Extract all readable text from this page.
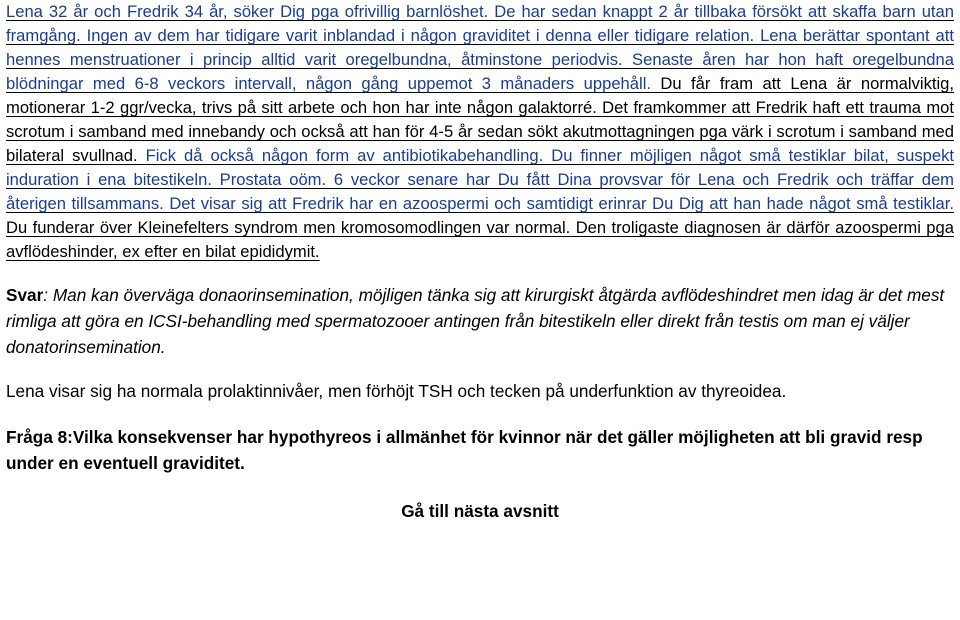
Lena 32 år och Fredrik 34 år, söker Dig pga ofrivillig barnlöshet. De har sedan knappt 2 år tillbaka försökt att skaffa barn utan framgång. Ingen av dem har tidigare varit inblandad i någon graviditet i denna eller tidigare relation. Lena berättar spontant att hennes menstruationer i princip alltid varit oregelbundna, åtminstone periodvis. Senaste åren har hon haft oregelbundna blödningar med 6-8 veckors intervall, någon gång uppemot 3 månaders uppehåll. Du får fram att Lena är normalviktig, motionerar 1-2 ggr/vecka, trivs på sitt arbete och hon har inte någon galaktorré. Det framkommer att Fredrik haft ett trauma mot scrotum i samband med innebandy och också att han för 4-5 år sedan sökt akutmottagningen pga värk i scrotum i samband med bilateral svullnad. Fick då också någon form av antibiotikabehandling. Du finner möjligen något små testiklar bilat, suspekt induration i ena bitestikeln. Prostata oöm. 6 veckor senare har Du fått Dina provsvar för Lena och Fredrik och träffar dem återigen tillsammans. Det visar sig att Fredrik har en azoospermi och samtidigt erinrar Du Dig att han hade något små testiklar. Du funderar över Kleinefelters syndrom men kromosomodlingen var normal. Den troligaste diagnosen är därför azoospermi pga avflödeshinder, ex efter en bilat epididymit.

Svar: Man kan överväga donaorinsemination, möjligen tänka sig att kirurgiskt åtgärda avflödeshindret men idag är det mest rimliga att göra en ICSI-behandling med spermatozooer antingen från bitestikeln eller direkt från testis om man ej väljer donatorinsemination.

Lena visar sig ha normala prolaktinnivåer, men förhöjt TSH och tecken på underfunktion av thyreoidea.

Fråga 8:Vilka konsekvenser har hypothyreos i allmänhet för kvinnor när det gäller möjligheten att bli gravid resp under en eventuell graviditet.

Gå till nästa avsnitt
